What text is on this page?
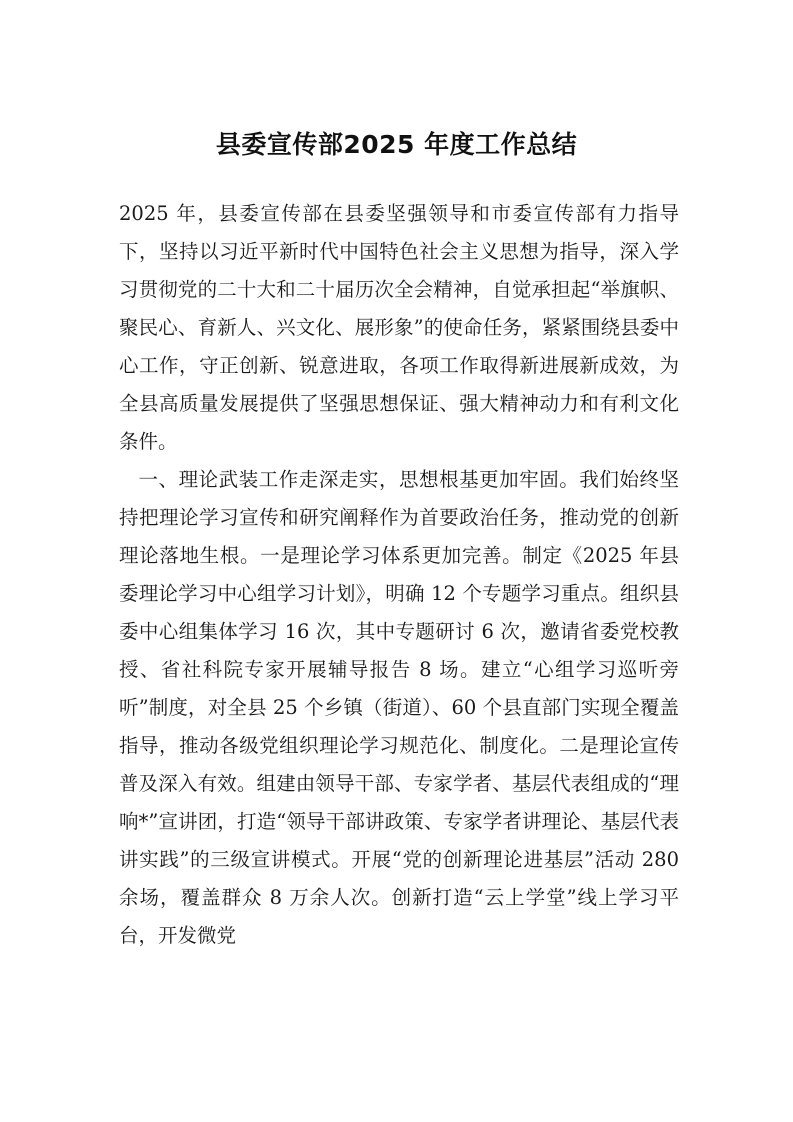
县委宣传部2025 年度工作总结

2025 年，县委宣传部在县委坚强领导和市委宣传部有力指导下，坚持以习近平新时代中国特色社会主义思想为指导，深入学习贯彻党的二十大和二十届历次全会精神，自觉承担起“举旗帜、聚民心、育新人、兴文化、展形象”的使命任务，紧紧围绕县委中心工作，守正创新、锐意进取，各项工作取得新进展新成效，为全县高质量发展提供了坚强思想保证、强大精神动力和有利文化条件。

一、理论武装工作走深走实，思想根基更加牢固。我们始终坚持把理论学习宣传和研究阐释作为首要政治任务，推动党的创新理论落地生根。一是理论学习体系更加完善。制定《2025 年县委理论学习中心组学习计划》，明确 12 个专题学习重点。组织县委中心组集体学习 16 次，其中专题研讨 6 次，邀请省委党校教授、省社科院专家开展辅导报告 8 场。建立“心组学习巡听旁听”制度，对全县 25 个乡镇（街道）、60 个县直部门实现全覆盖指导，推动各级党组织理论学习规范化、制度化。二是理论宣传普及深入有效。组建由领导干部、专家学者、基层代表组成的“理响*”宣讲团，打造“领导干部讲政策、专家学者讲理论、基层代表讲实践”的三级宣讲模式。开展“党的创新理论进基层”活动 280 余场，覆盖群众 8 万余人次。创新打造“云上学堂”线上学习平台，开发微党
